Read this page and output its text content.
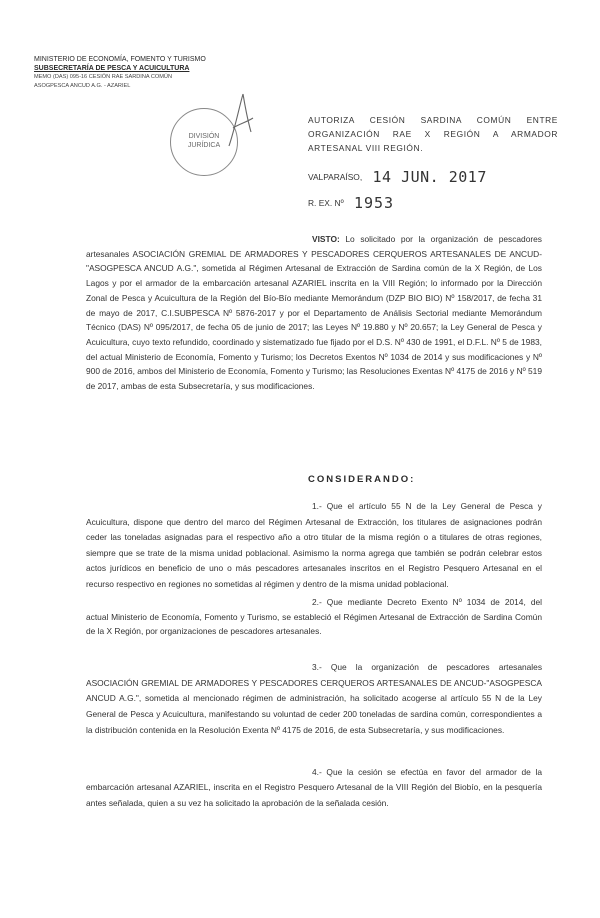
MINISTERIO DE ECONOMÍA, FOMENTO Y TURISMO
SUBSECRETARÍA DE PESCA Y ACUICULTURA
MEMO (DAS) 095-16 CESIÓN RAE SARDINA COMÚN
ASOGPESCA ANCUD A.G. - AZARIEL
DIVISIÓN
JURÍDICA
AUTORIZA CESIÓN SARDINA COMÚN ENTRE ORGANIZACIÓN RAE X REGIÓN A ARMADOR ARTESANAL VIII REGIÓN.
VALPARAÍSO, 14 JUN. 2017
R. EX. Nº 1953
VISTO: Lo solicitado por la organización de pescadores artesanales ASOCIACIÓN GREMIAL DE ARMADORES Y PESCADORES CERQUEROS ARTESANALES DE ANCUD-"ASOGPESCA ANCUD A.G.", sometida al Régimen Artesanal de Extracción de Sardina común de la X Región, de Los Lagos y por el armador de la embarcación artesanal AZARIEL inscrita en la VIII Región; lo informado por la Dirección Zonal de Pesca y Acuicultura de la Región del Bío-Bío mediante Memorándum (DZP BIO BIO) Nº 158/2017, de fecha 31 de mayo de 2017, C.I.SUBPESCA Nº 5876-2017 y por el Departamento de Análisis Sectorial mediante Memorándum Técnico (DAS) Nº 095/2017, de fecha 05 de junio de 2017; las Leyes Nº 19.880 y Nº 20.657; la Ley General de Pesca y Acuicultura, cuyo texto refundido, coordinado y sistematizado fue fijado por el D.S. Nº 430 de 1991, el D.F.L. Nº 5 de 1983, del actual Ministerio de Economía, Fomento y Turismo; los Decretos Exentos Nº 1034 de 2014 y sus modificaciones y Nº 900 de 2016, ambos del Ministerio de Economía, Fomento y Turismo; las Resoluciones Exentas Nº 4175 de 2016 y Nº 519 de 2017, ambas de esta Subsecretaría, y sus modificaciones.
CONSIDERANDO:
1.- Que el artículo 55 N de la Ley General de Pesca y Acuicultura, dispone que dentro del marco del Régimen Artesanal de Extracción, los titulares de asignaciones podrán ceder las toneladas asignadas para el respectivo año a otro titular de la misma región o a titulares de otras regiones, siempre que se trate de la misma unidad poblacional. Asimismo la norma agrega que también se podrán celebrar estos actos jurídicos en beneficio de uno o más pescadores artesanales inscritos en el Registro Pesquero Artesanal en el recurso respectivo en regiones no sometidas al régimen y dentro de la misma unidad poblacional.
2.- Que mediante Decreto Exento Nº 1034 de 2014, del actual Ministerio de Economía, Fomento y Turismo, se estableció el Régimen Artesanal de Extracción de Sardina Común de la X Región, por organizaciones de pescadores artesanales.
3.- Que la organización de pescadores artesanales ASOCIACIÓN GREMIAL DE ARMADORES Y PESCADORES CERQUEROS ARTESANALES DE ANCUD-"ASOGPESCA ANCUD A.G.", sometida al mencionado régimen de administración, ha solicitado acogerse al artículo 55 N de la Ley General de Pesca y Acuicultura, manifestando su voluntad de ceder 200 toneladas de sardina común, correspondientes a la distribución contenida en la Resolución Exenta Nº 4175 de 2016, de esta Subsecretaría, y sus modificaciones.
4.- Que la cesión se efectúa en favor del armador de la embarcación artesanal AZARIEL, inscrita en el Registro Pesquero Artesanal de la VIII Región del Biobío, en la pesquería antes señalada, quien a su vez ha solicitado la aprobación de la señalada cesión.
